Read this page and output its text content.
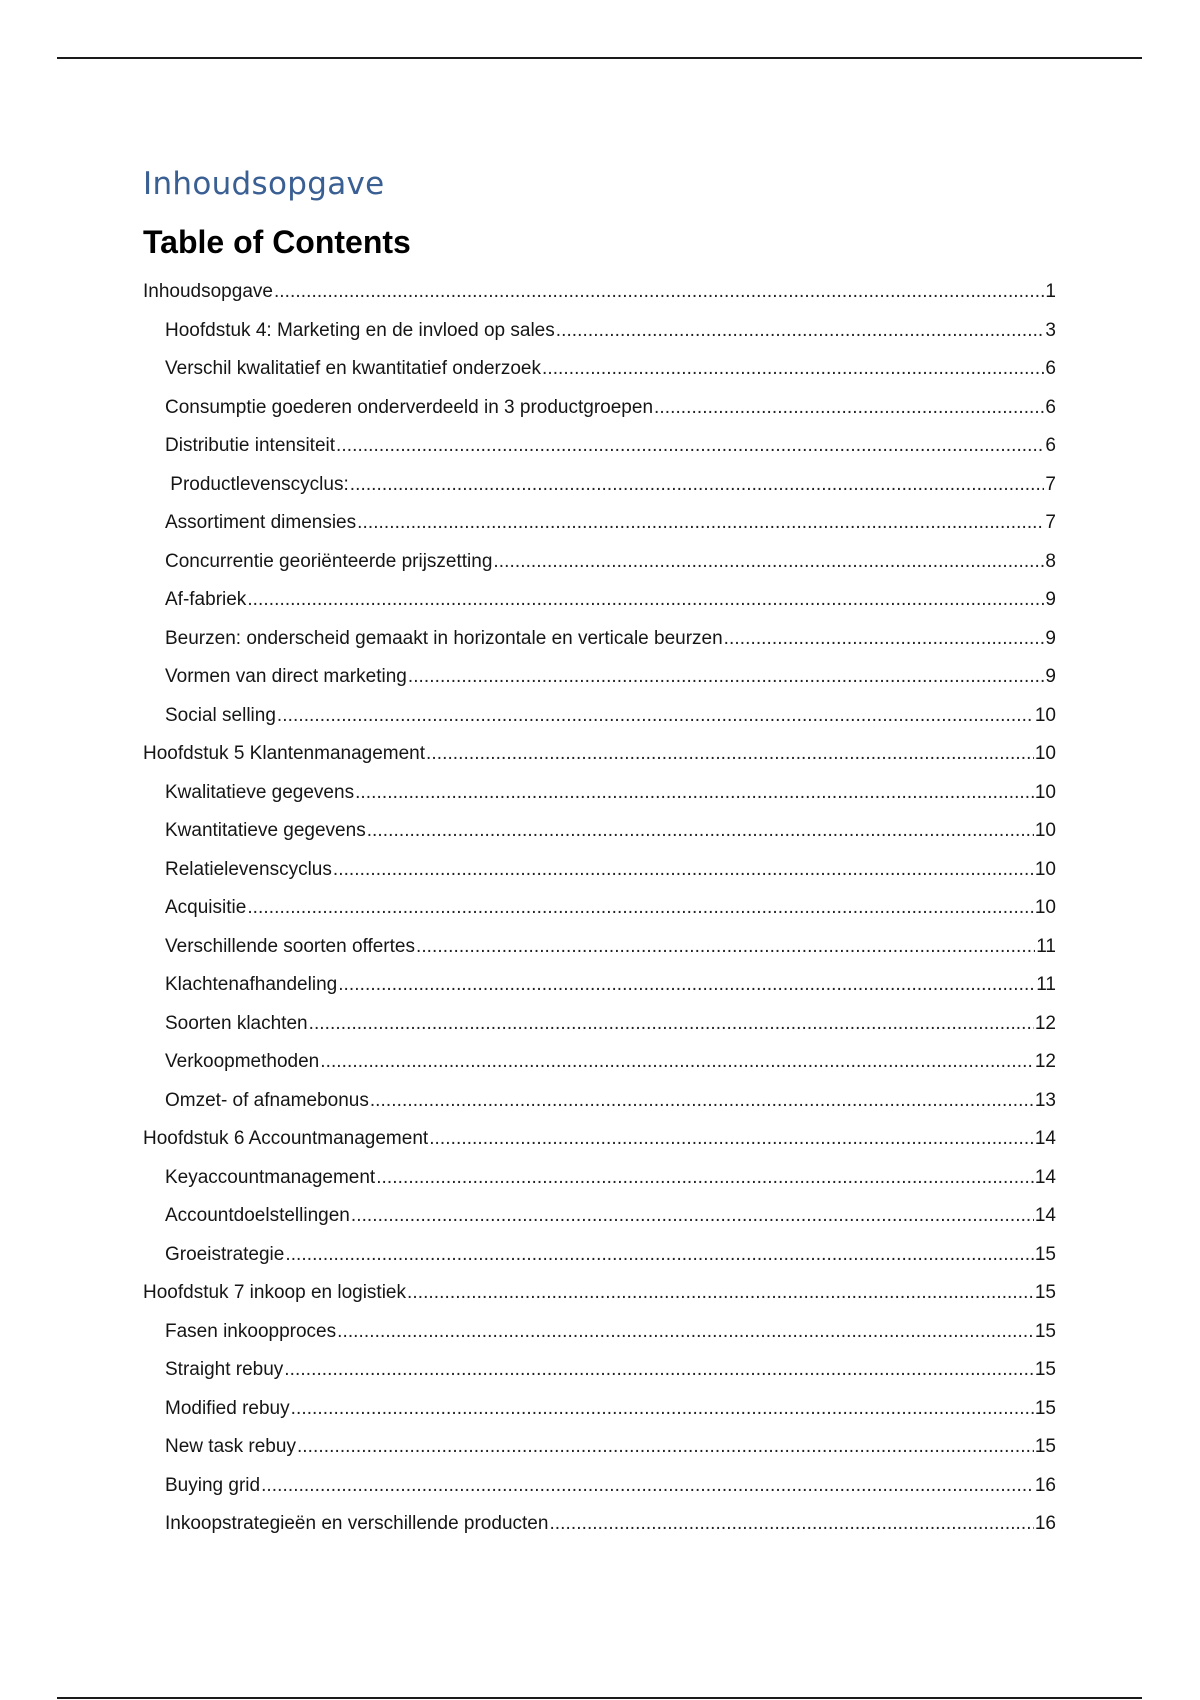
Inhoudsopgave
Table of Contents
Inhoudsopgave . . .	1
Hoofdstuk 4: Marketing en de invloed op sales . . .	3
Verschil kwalitatief en kwantitatief onderzoek . . .	6
Consumptie goederen onderverdeeld in 3 productgroepen . . .	6
Distributie intensiteit . . .	6
Productlevenscyclus: . . .	7
Assortiment dimensies . . .	7
Concurrentie georiënteerde prijszetting . . .	8
Af-fabriek . . .	9
Beurzen: onderscheid gemaakt in horizontale en verticale beurzen . . .	9
Vormen van direct marketing . . .	9
Social selling . . .	10
Hoofdstuk 5 Klantenmanagement . . .	10
Kwalitatieve gegevens . . .	10
Kwantitatieve gegevens . . .	10
Relatielevenscyclus . . .	10
Acquisitie . . .	10
Verschillende soorten offertes . . .	11
Klachtenafhandeling . . .	11
Soorten klachten . . .	12
Verkoopmethoden . . .	12
Omzet- of afnamebonus . . .	13
Hoofdstuk 6 Accountmanagement . . .	14
Keyaccountmanagement . . .	14
Accountdoelstellingen . . .	14
Groeistrategie . . .	15
Hoofdstuk 7 inkoop en logistiek . . .	15
Fasen inkoopproces . . .	15
Straight rebuy . . .	15
Modified rebuy . . .	15
New task rebuy . . .	15
Buying grid . . .	16
Inkoopstrategieën en verschillende producten . . .	16
